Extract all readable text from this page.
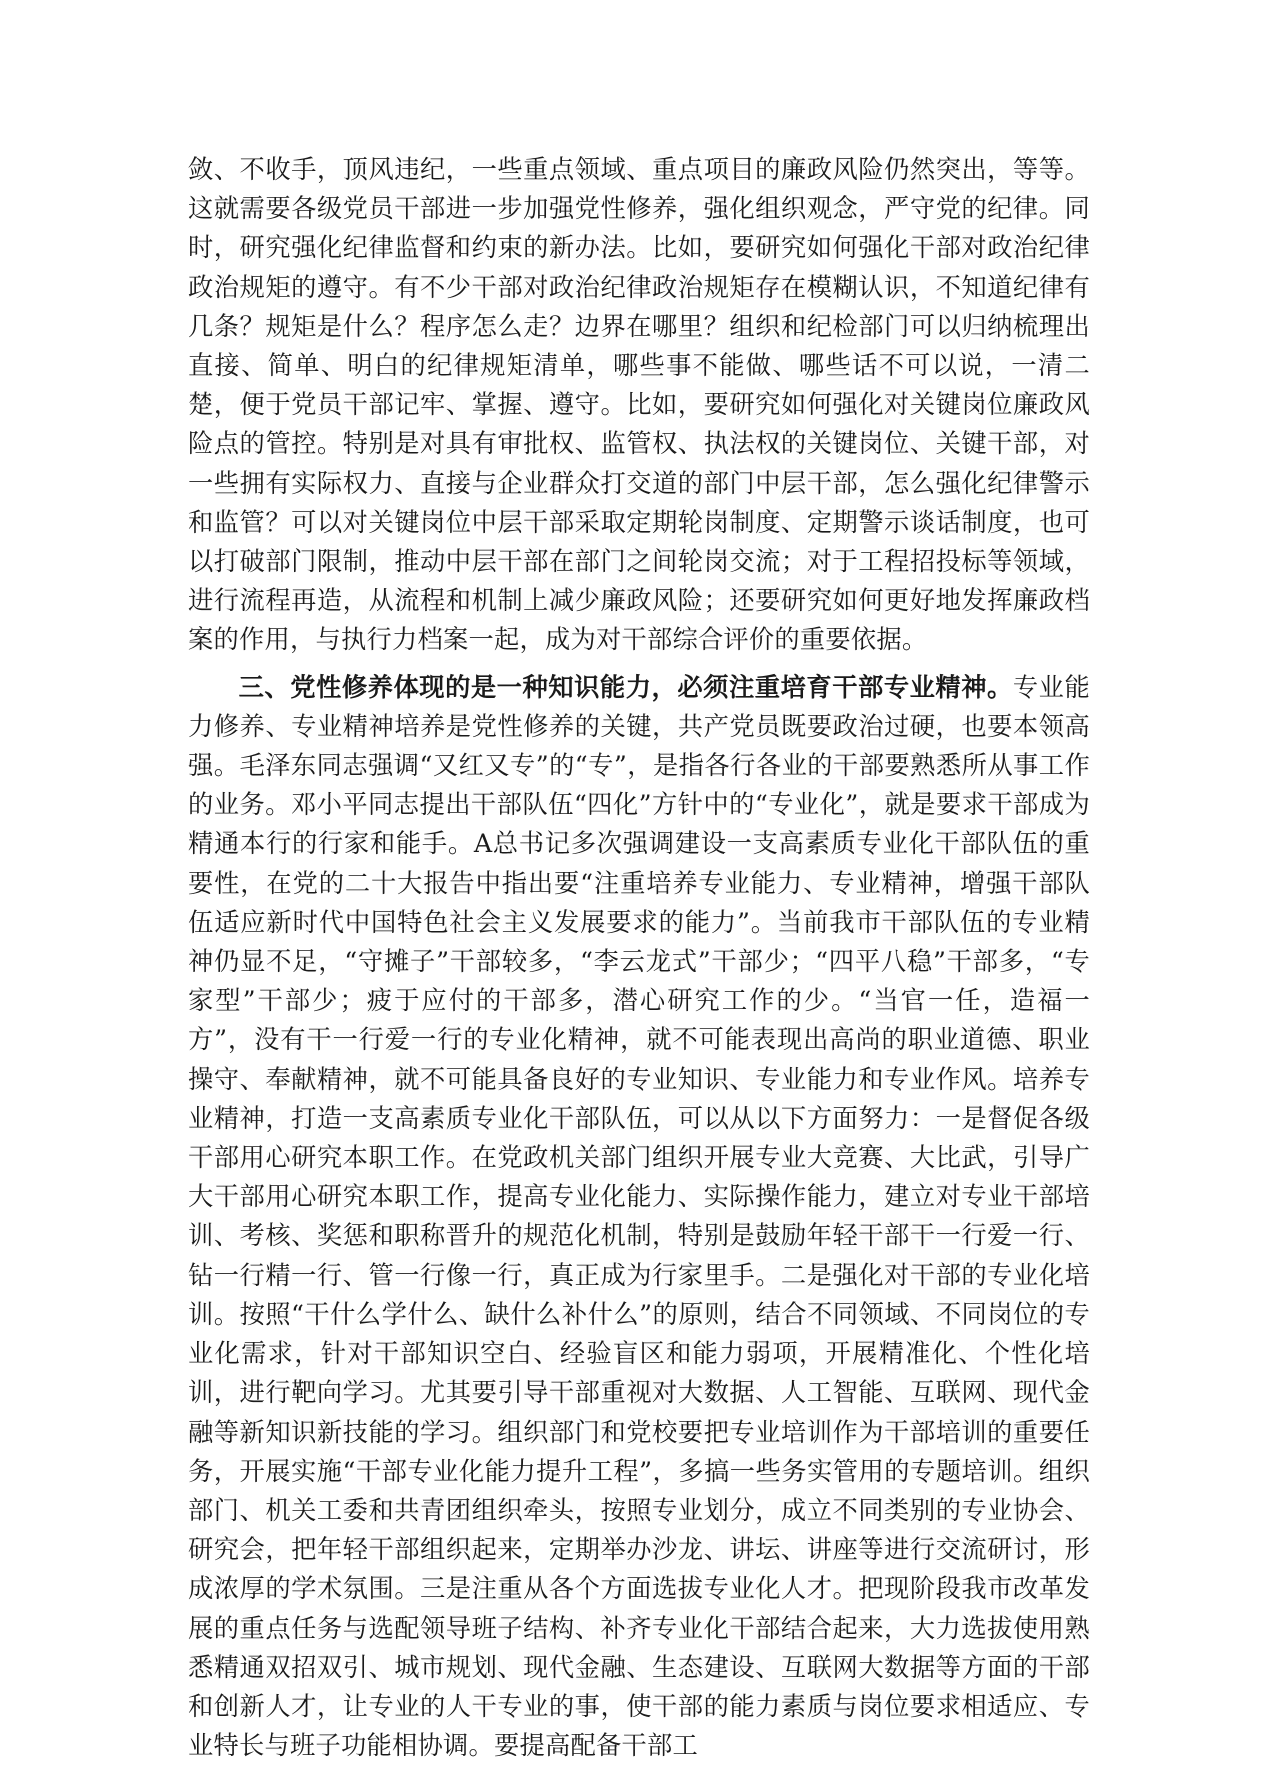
敛、不收手，顶风违纪，一些重点领域、重点项目的廉政风险仍然突出，等等。这就需要各级党员干部进一步加强党性修养，强化组织观念，严守党的纪律。同时，研究强化纪律监督和约束的新办法。比如，要研究如何强化干部对政治纪律政治规矩的遵守。有不少干部对政治纪律政治规矩存在模糊认识，不知道纪律有几条？规矩是什么？程序怎么走？边界在哪里？组织和纪检部门可以归纳梳理出直接、简单、明白的纪律规矩清单，哪些事不能做、哪些话不可以说，一清二楚，便于党员干部记牢、掌握、遵守。比如，要研究如何强化对关键岗位廉政风险点的管控。特别是对具有审批权、监管权、执法权的关键岗位、关键干部，对一些拥有实际权力、直接与企业群众打交道的部门中层干部，怎么强化纪律警示和监管？可以对关键岗位中层干部采取定期轮岗制度、定期警示谈话制度，也可以打破部门限制，推动中层干部在部门之间轮岗交流；对于工程招投标等领域，进行流程再造，从流程和机制上减少廉政风险；还要研究如何更好地发挥廉政档案的作用，与执行力档案一起，成为对干部综合评价的重要依据。

三、党性修养体现的是一种知识能力，必须注重培育干部专业精神。专业能力修养、专业精神培养是党性修养的关键，共产党员既要政治过硬，也要本领高强。毛泽东同志强调“又红又专”的“专”，是指各行各业的干部要熟悉所从事工作的业务。邓小平同志提出干部队伍“四化”方针中的“专业化”，就是要求干部成为精通本行的行家和能手。A总书记多次强调建设一支高素质专业化干部队伍的重要性，在党的二十大报告中指出要“注重培养专业能力、专业精神，增强干部队伍适应新时代中国特色社会主义发展要求的能力”。当前我市干部队伍的专业精神仍显不足，“守摊子”干部较多，“李云龙式”干部少；“四平八稳”干部多，“专家型”干部少；疲于应付的干部多，潜心研究工作的少。“当官一任，造福一方”，没有干一行爱一行的专业化精神，就不可能表现出高尚的职业道德、职业操守、奉献精神，就不可能具备良好的专业知识、专业能力和专业作风。培养专业精神，打造一支高素质专业化干部队伍，可以从以下方面努力：一是督促各级干部用心研究本职工作。在党政机关部门组织开展专业大竞赛、大比武，引导广大干部用心研究本职工作，提高专业化能力、实际操作能力，建立对专业干部培训、考核、奖惩和职称晋升的规范化机制，特别是鼓励年轻干部干一行爱一行、钻一行精一行、管一行像一行，真正成为行家里手。二是强化对干部的专业化培训。按照“干什么学什么、缺什么补什么”的原则，结合不同领域、不同岗位的专业化需求，针对干部知识空白、经验盲区和能力弱项，开展精准化、个性化培训，进行靶向学习。尤其要引导干部重视对大数据、人工智能、互联网、现代金融等新知识新技能的学习。组织部门和党校要把专业培训作为干部培训的重要任务，开展实施“干部专业化能力提升工程”，多搞一些务实管用的专题培训。组织部门、机关工委和共青团组织牵头，按照专业划分，成立不同类别的专业协会、研究会，把年轻干部组织起来，定期举办沙龙、讲坛、讲座等进行交流研讨，形成浓厚的学术氛围。三是注重从各个方面选拔专业化人才。把现阶段我市改革发展的重点任务与选配领导班子结构、补齐专业化干部结合起来，大力选拔使用熟悉精通双招双引、城市规划、现代金融、生态建设、互联网大数据等方面的干部和创新人才，让专业的人干专业的事，使干部的能力素质与岗位要求相适应、专业特长与班子功能相协调。要提高配备干部工
